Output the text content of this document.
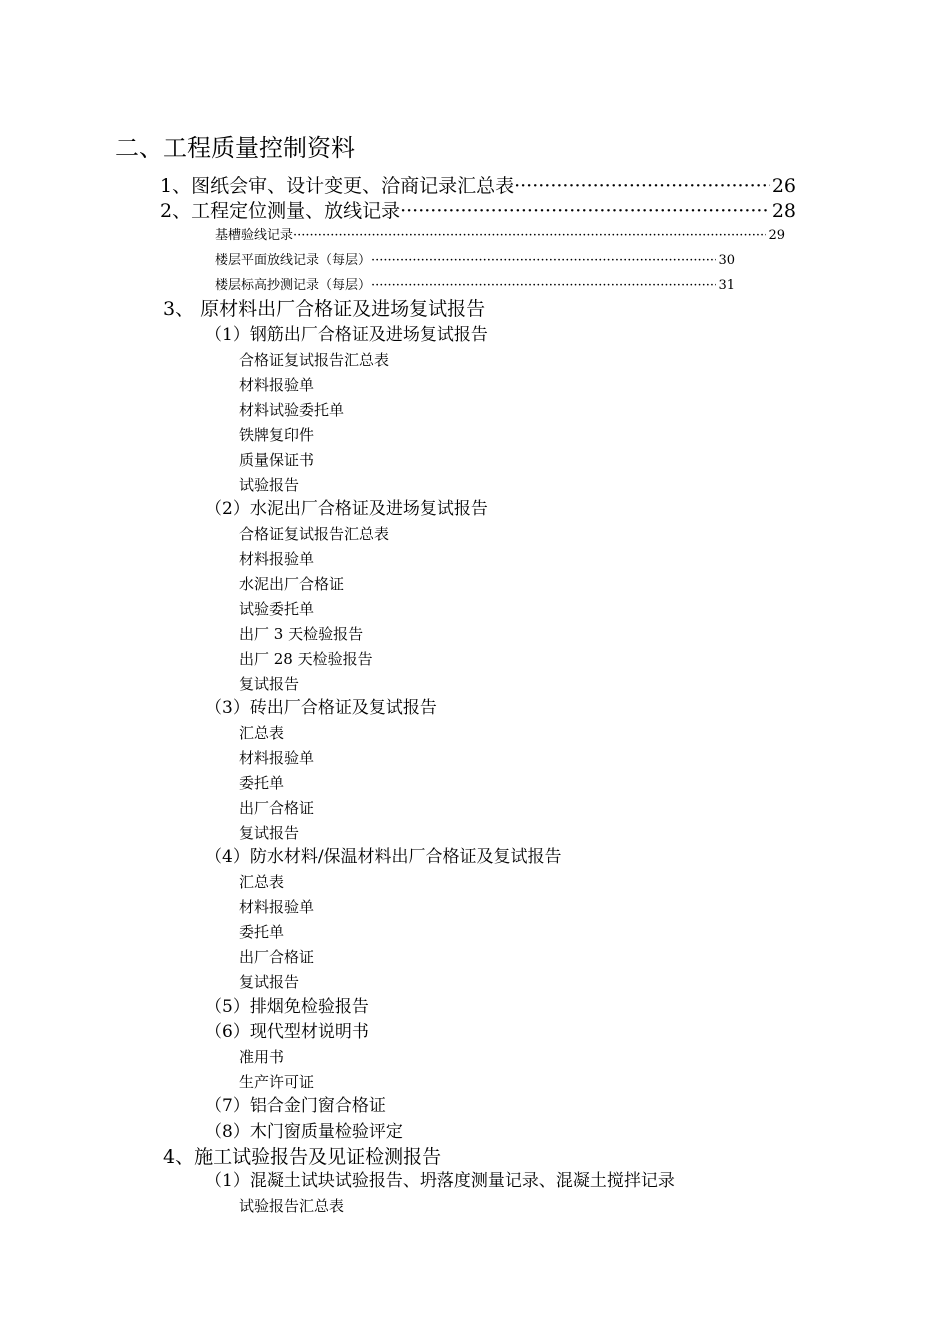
二、工程质量控制资料
1、图纸会审、设计变更、洽商记录汇总表 ·····	26
2、工程定位测量、放线记录 ·····	28
基槽验线记录 ·····	29
楼层平面放线记录（每层） ·····	30
楼层标高抄测记录（每层） ·····	31
3、 原材料出厂合格证及进场复试报告
（1）钢筋出厂合格证及进场复试报告
合格证复试报告汇总表
材料报验单
材料试验委托单
铁牌复印件
质量保证书
试验报告
（2）水泥出厂合格证及进场复试报告
合格证复试报告汇总表
材料报验单
水泥出厂合格证
试验委托单
出厂 3 天检验报告
出厂 28 天检验报告
复试报告
（3）砖出厂合格证及复试报告
汇总表
材料报验单
委托单
出厂合格证
复试报告
（4）防水材料/保温材料出厂合格证及复试报告
汇总表
材料报验单
委托单
出厂合格证
复试报告
（5）排烟免检验报告
（6）现代型材说明书
准用书
生产许可证
（7）铝合金门窗合格证
（8）木门窗质量检验评定
4、施工试验报告及见证检测报告
（1）混凝土试块试验报告、坍落度测量记录、混凝土搅拌记录
试验报告汇总表
